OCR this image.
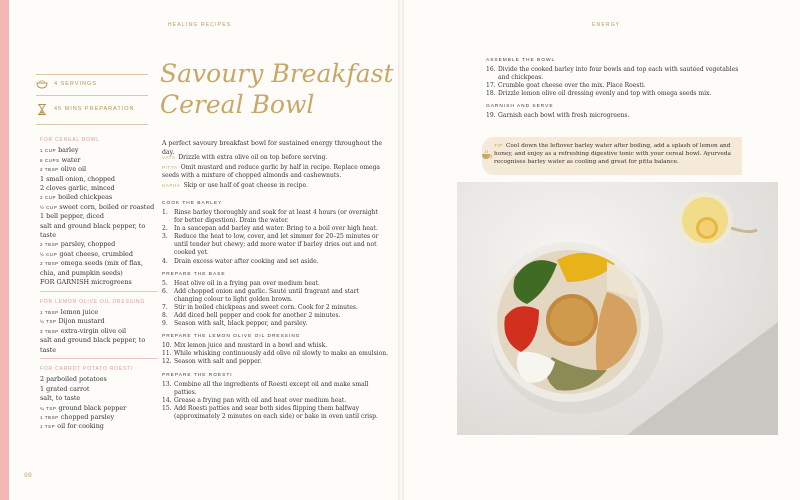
HEALING RECIPES	ENERGY
Savoury Breakfast
Cereal Bowl
4 SERVINGS
45 MINS PREPARATION
FOR CEREAL BOWL
1 CUP barley
6 CUPS water
2 TBSP olive oil
1 small onion, chopped
2 cloves garlic, minced
2 CUP boiled chickpeas
½ CUP sweet corn, boiled or roasted
1 bell pepper, diced
salt and ground black pepper, to taste
2 TBSP parsley, chopped
½ CUP goat cheese, crumbled
2 TBSP omega seeds (mix of flax, chia, and pumpkin seeds)
FOR GARNISH microgreens
FOR LEMON OLIVE OIL DRESSING
1 TBSP lemon juice
½ TSP Dijon mustard
3 TBSP extra-virgin olive oil
salt and ground black pepper, to taste
FOR CARROT POTATO ROESTI
2 parboiled potatoes
1 grated carrot
salt, to taste
¼ TSP ground black pepper
1 TBSP chopped parsley
1 TSP oil for cooking
98
A perfect savoury breakfast bowl for sustained energy throughout the day.

VATA Drizzle with extra olive oil on top before serving.

PITTA Omit mustard and reduce garlic by half in recipe. Replace omega seeds with a mixture of chopped almonds and cashewnuts.

KAPHA Skip or use half of goat cheese in recipe.

COOK THE BARLEY
1.	Rinse barley thoroughly and soak for at least 4 hours (or overnight for better digestion). Drain the water.
2.	In a saucepan add barley and water. Bring to a boil over high heat.
3.	Reduce the heat to low, cover, and let simmer for 20–25 minutes or until tender but chewy; add more water if barley dries out and not cooked yet.
4.	Drain excess water after cooking and set aside.
PREPARE THE BASE
5.	Heat olive oil in a frying pan over medium heat.
6.	Add chopped onion and garlic. Sauté until fragrant and start changing colour to light golden brown.
7.	Stir in boiled chickpeas and sweet corn. Cook for 2 minutes.
8.	Add diced bell pepper and cook for another 2 minutes.
9.	Season with salt, black pepper, and parsley.
PREPARE THE LEMON OLIVE OIL DRESSING
10. Mix lemon juice and mustard in a bowl and whisk.
11. While whisking continuously add olive oil slowly to make an emulsion.
12. Season with salt and pepper.
PREPARE THE ROESTI
13. Combine all the ingredients of Roesti except oil and make small patties.
14. Grease a frying pan with oil and heat over medium heat.
15. Add Roesti patties and sear both sides flipping them halfway (approximately 2 minutes on each side) or bake in oven until crisp.
ASSEMBLE THE BOWL
16. Divide the cooked barley into four bowls and top each with sautéed vegetables and chickpeas.
17. Crumble goat cheese over the mix. Place Roesti.
18. Drizzle lemon olive oil dressing evenly and top with omega seeds mix.
GARNISH AND SERVE
19. Garnish each bowl with fresh microgreens.
TIP Cool down the leftover barley water after boiling, add a splash of lemon and honey, and enjoy as a refreshing digestive tonic with your cereal bowl. Ayurveda recognises barley water as cooling and great for pitta balance.
